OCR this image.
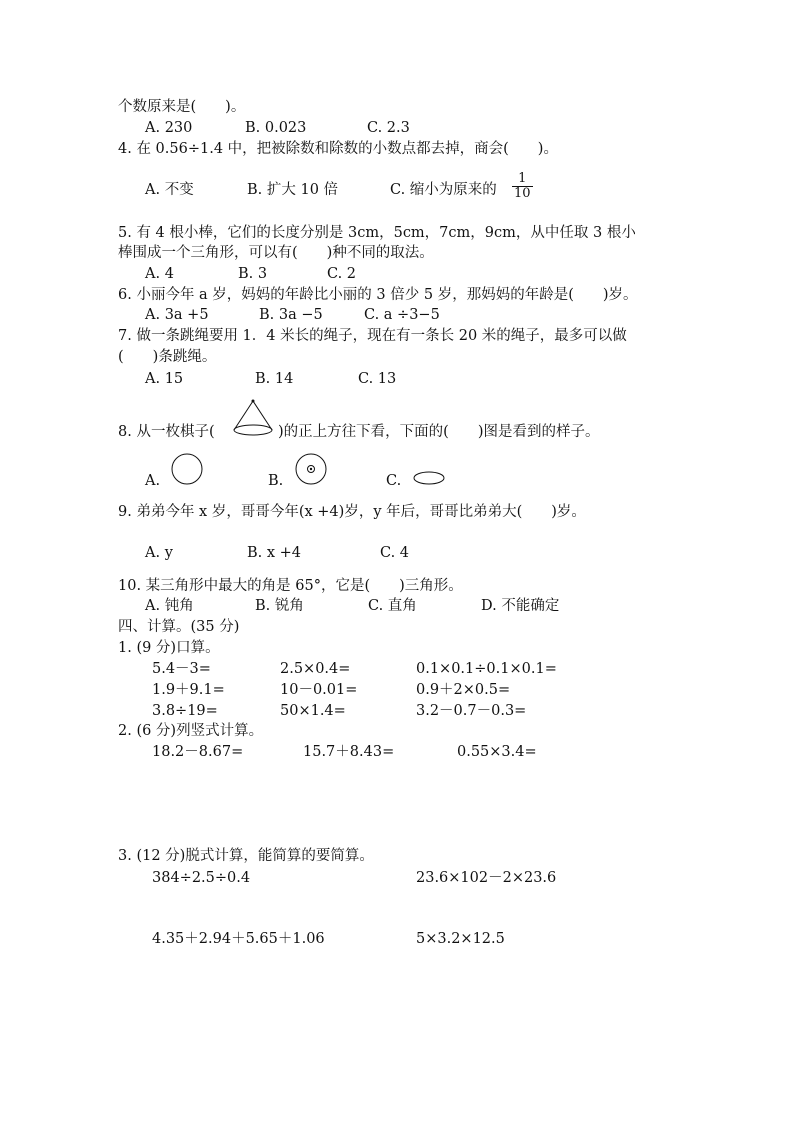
个数原来是(　　)。
A. 230	B. 0.023	C. 2.3
4. 在 0.56÷1.4 中，把被除数和除数的小数点都去掉，商会(　　)。
A. 不变	B. 扩大 10 倍	C. 缩小为原来的 $\frac{1}{10}$
5. 有 4 根小棒，它们的长度分别是 3cm，5cm，7cm，9cm，从中任取 3 根小
棒围成一个三角形，可以有(　　)种不同的取法。
A. 4	B. 3	C. 2
6. 小丽今年 a 岁，妈妈的年龄比小丽的 3 倍少 5 岁，那妈妈的年龄是(　　)岁。
A. 3a +5	B. 3a −5	C. a ÷3−5
7. 做一条跳绳要用 1．4 米长的绳子，现在有一条长 20 米的绳子，最多可以做
(　　)条跳绳。
A. 15	B. 14	C. 13
8. 从一枚棋子(	)的正上方往下看，下面的(　　)图是看到的样子。
A.	B.	C.
9. 弟弟今年 x 岁，哥哥今年(x +4)岁，y 年后，哥哥比弟弟大(　　)岁。
A. y	B. x +4	C. 4
10. 某三角形中最大的角是 65°，它是(　　)三角形。
A. 钝角	B. 锐角	C. 直角	D. 不能确定
四、计算。(35 分)
1. (9 分)口算。
5.4－3=	2.5×0.4=	0.1×0.1÷0.1×0.1=
1.9＋9.1=	10－0.01=	0.9＋2×0.5=
3.8÷19=	50×1.4=	3.2－0.7－0.3=
2. (6 分)列竖式计算。
18.2－8.67=	15.7＋8.43=	0.55×3.4=
3. (12 分)脱式计算，能简算的要简算。
384÷2.5÷0.4	23.6×102－2×23.6
4.35＋2.94＋5.65＋1.06	5×3.2×12.5
